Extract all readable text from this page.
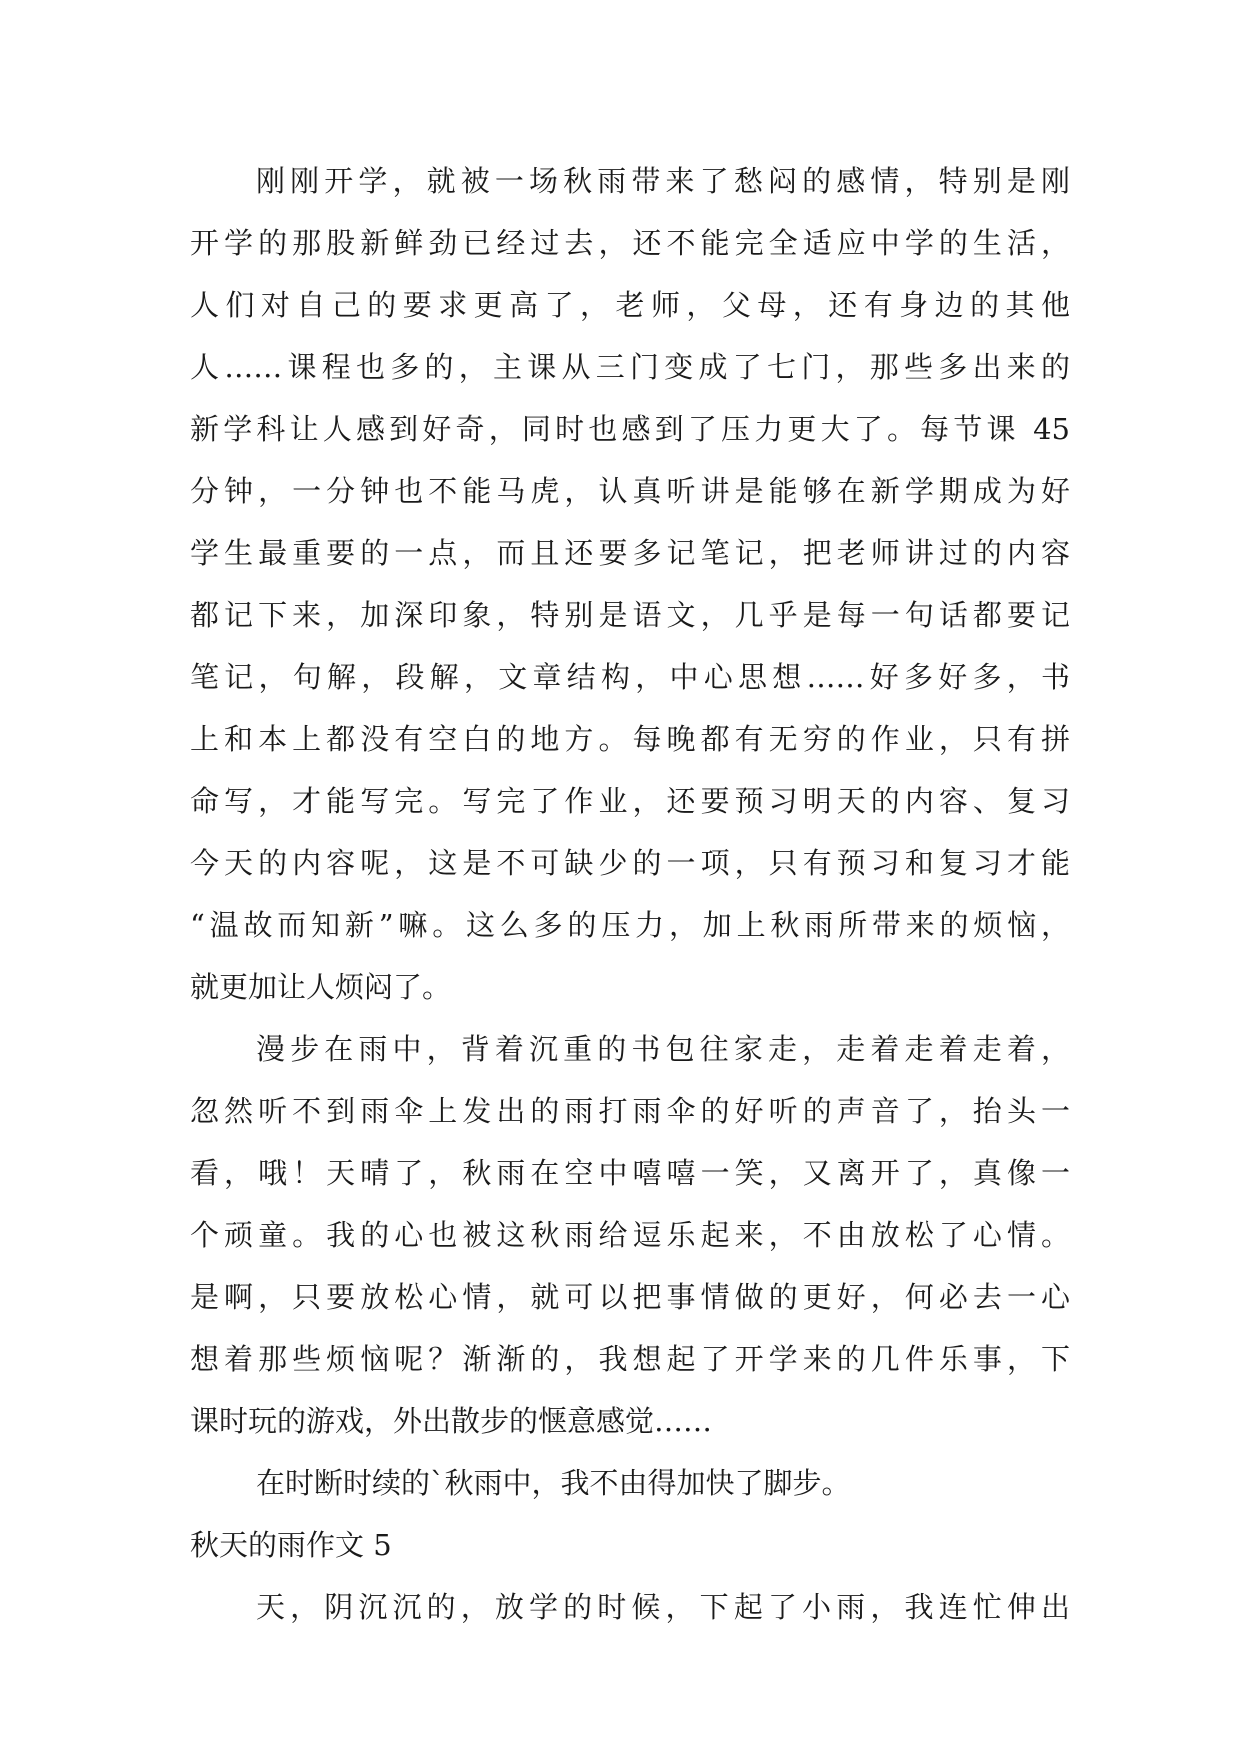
刚刚开学，就被一场秋雨带来了愁闷的感情，特别是刚
开学的那股新鲜劲已经过去，还不能完全适应中学的生活，
人们对自己的要求更高了，老师，父母，还有身边的其他
人……课程也多的，主课从三门变成了七门，那些多出来的
新学科让人感到好奇，同时也感到了压力更大了。每节课 45
分钟，一分钟也不能马虎，认真听讲是能够在新学期成为好
学生最重要的一点，而且还要多记笔记，把老师讲过的内容
都记下来，加深印象，特别是语文，几乎是每一句话都要记
笔记，句解，段解，文章结构，中心思想……好多好多，书
上和本上都没有空白的地方。每晚都有无穷的作业，只有拼
命写，才能写完。写完了作业，还要预习明天的内容、复习
今天的内容呢，这是不可缺少的一项，只有预习和复习才能
“温故而知新”嘛。这么多的压力，加上秋雨所带来的烦恼，
就更加让人烦闷了。
漫步在雨中，背着沉重的书包往家走，走着走着走着，
忽然听不到雨伞上发出的雨打雨伞的好听的声音了，抬头一
看，哦！天晴了，秋雨在空中嘻嘻一笑，又离开了，真像一
个顽童。我的心也被这秋雨给逗乐起来，不由放松了心情。
是啊，只要放松心情，就可以把事情做的更好，何必去一心
想着那些烦恼呢？渐渐的，我想起了开学来的几件乐事，下
课时玩的游戏，外出散步的惬意感觉……
在时断时续的`秋雨中，我不由得加快了脚步。
秋天的雨作文 5
天，阴沉沉的，放学的时候，下起了小雨，我连忙伸出
